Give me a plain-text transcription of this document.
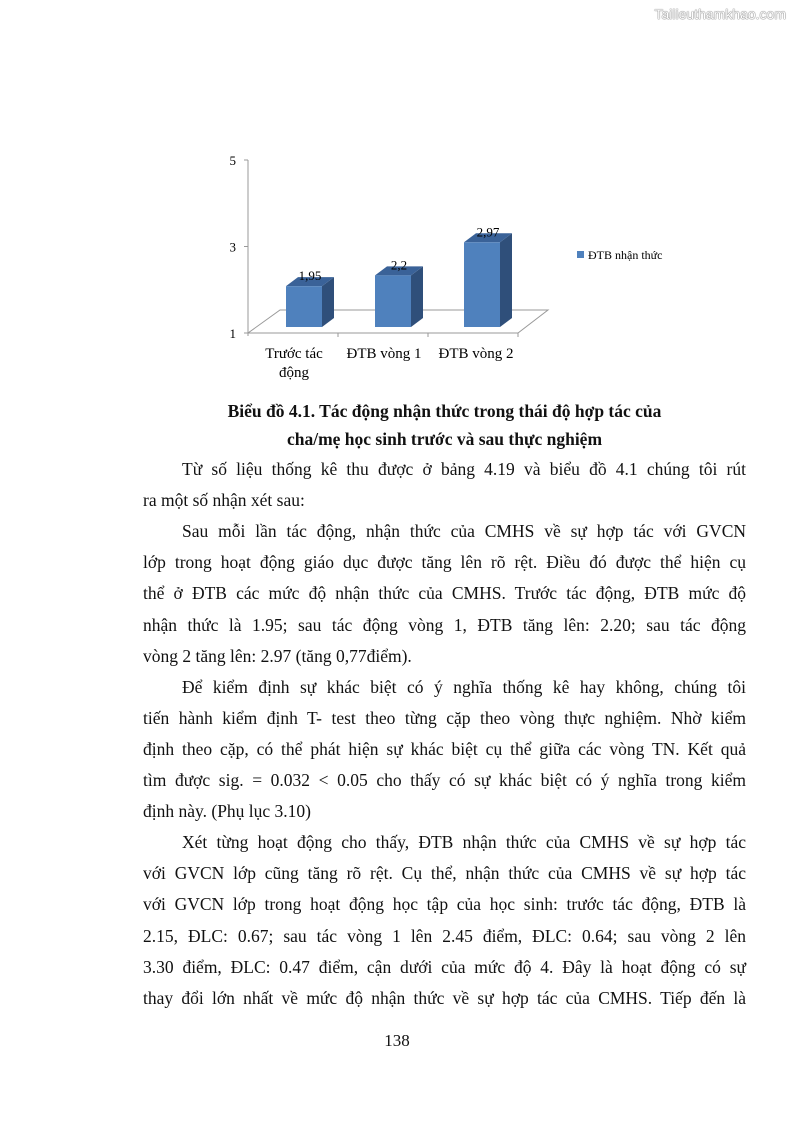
Tailieuthamkhao.com
1
3
5
1,95
Trước tác
động
2,2
ĐTB vòng 1
2,97
ĐTB vòng 2
ĐTB nhận thức
Biểu đồ 4.1. Tác động nhận thức trong thái độ hợp tác của
cha/mẹ học sinh trước và sau thực nghiệm
Từ số liệu thống kê thu được ở bảng 4.19 và biểu đồ 4.1 chúng tôi rút
ra một số nhận xét sau:
Sau mỗi lần tác động, nhận thức của CMHS về sự hợp tác với GVCN
lớp trong hoạt động giáo dục được tăng lên rõ rệt. Điều đó được thể hiện cụ
thể ở ĐTB các mức độ nhận thức của CMHS. Trước tác động, ĐTB mức độ
nhận thức là 1.95; sau tác động vòng 1, ĐTB tăng lên: 2.20; sau tác động
vòng 2 tăng lên: 2.97 (tăng 0,77điểm).
Để kiểm định sự khác biệt có ý nghĩa thống kê hay không, chúng tôi
tiến hành kiểm định T- test theo từng cặp theo vòng thực nghiệm. Nhờ kiểm
định theo cặp, có thể phát hiện sự khác biệt cụ thể giữa các vòng TN. Kết quả
tìm được sig. = 0.032 < 0.05 cho thấy có sự khác biệt có ý nghĩa trong kiểm
định này. (Phụ lục 3.10)
Xét từng hoạt động cho thấy, ĐTB nhận thức của CMHS về sự hợp tác
với GVCN lớp cũng tăng rõ rệt. Cụ thể, nhận thức của CMHS về sự hợp tác
với GVCN lớp trong hoạt động học tập của học sinh: trước tác động, ĐTB là
2.15, ĐLC: 0.67; sau tác vòng 1 lên 2.45 điểm, ĐLC: 0.64; sau vòng 2 lên
3.30 điểm, ĐLC: 0.47 điểm, cận dưới của mức độ 4. Đây là hoạt động có sự
thay đổi lớn nhất về mức độ nhận thức về sự hợp tác của CMHS. Tiếp đến là
138
